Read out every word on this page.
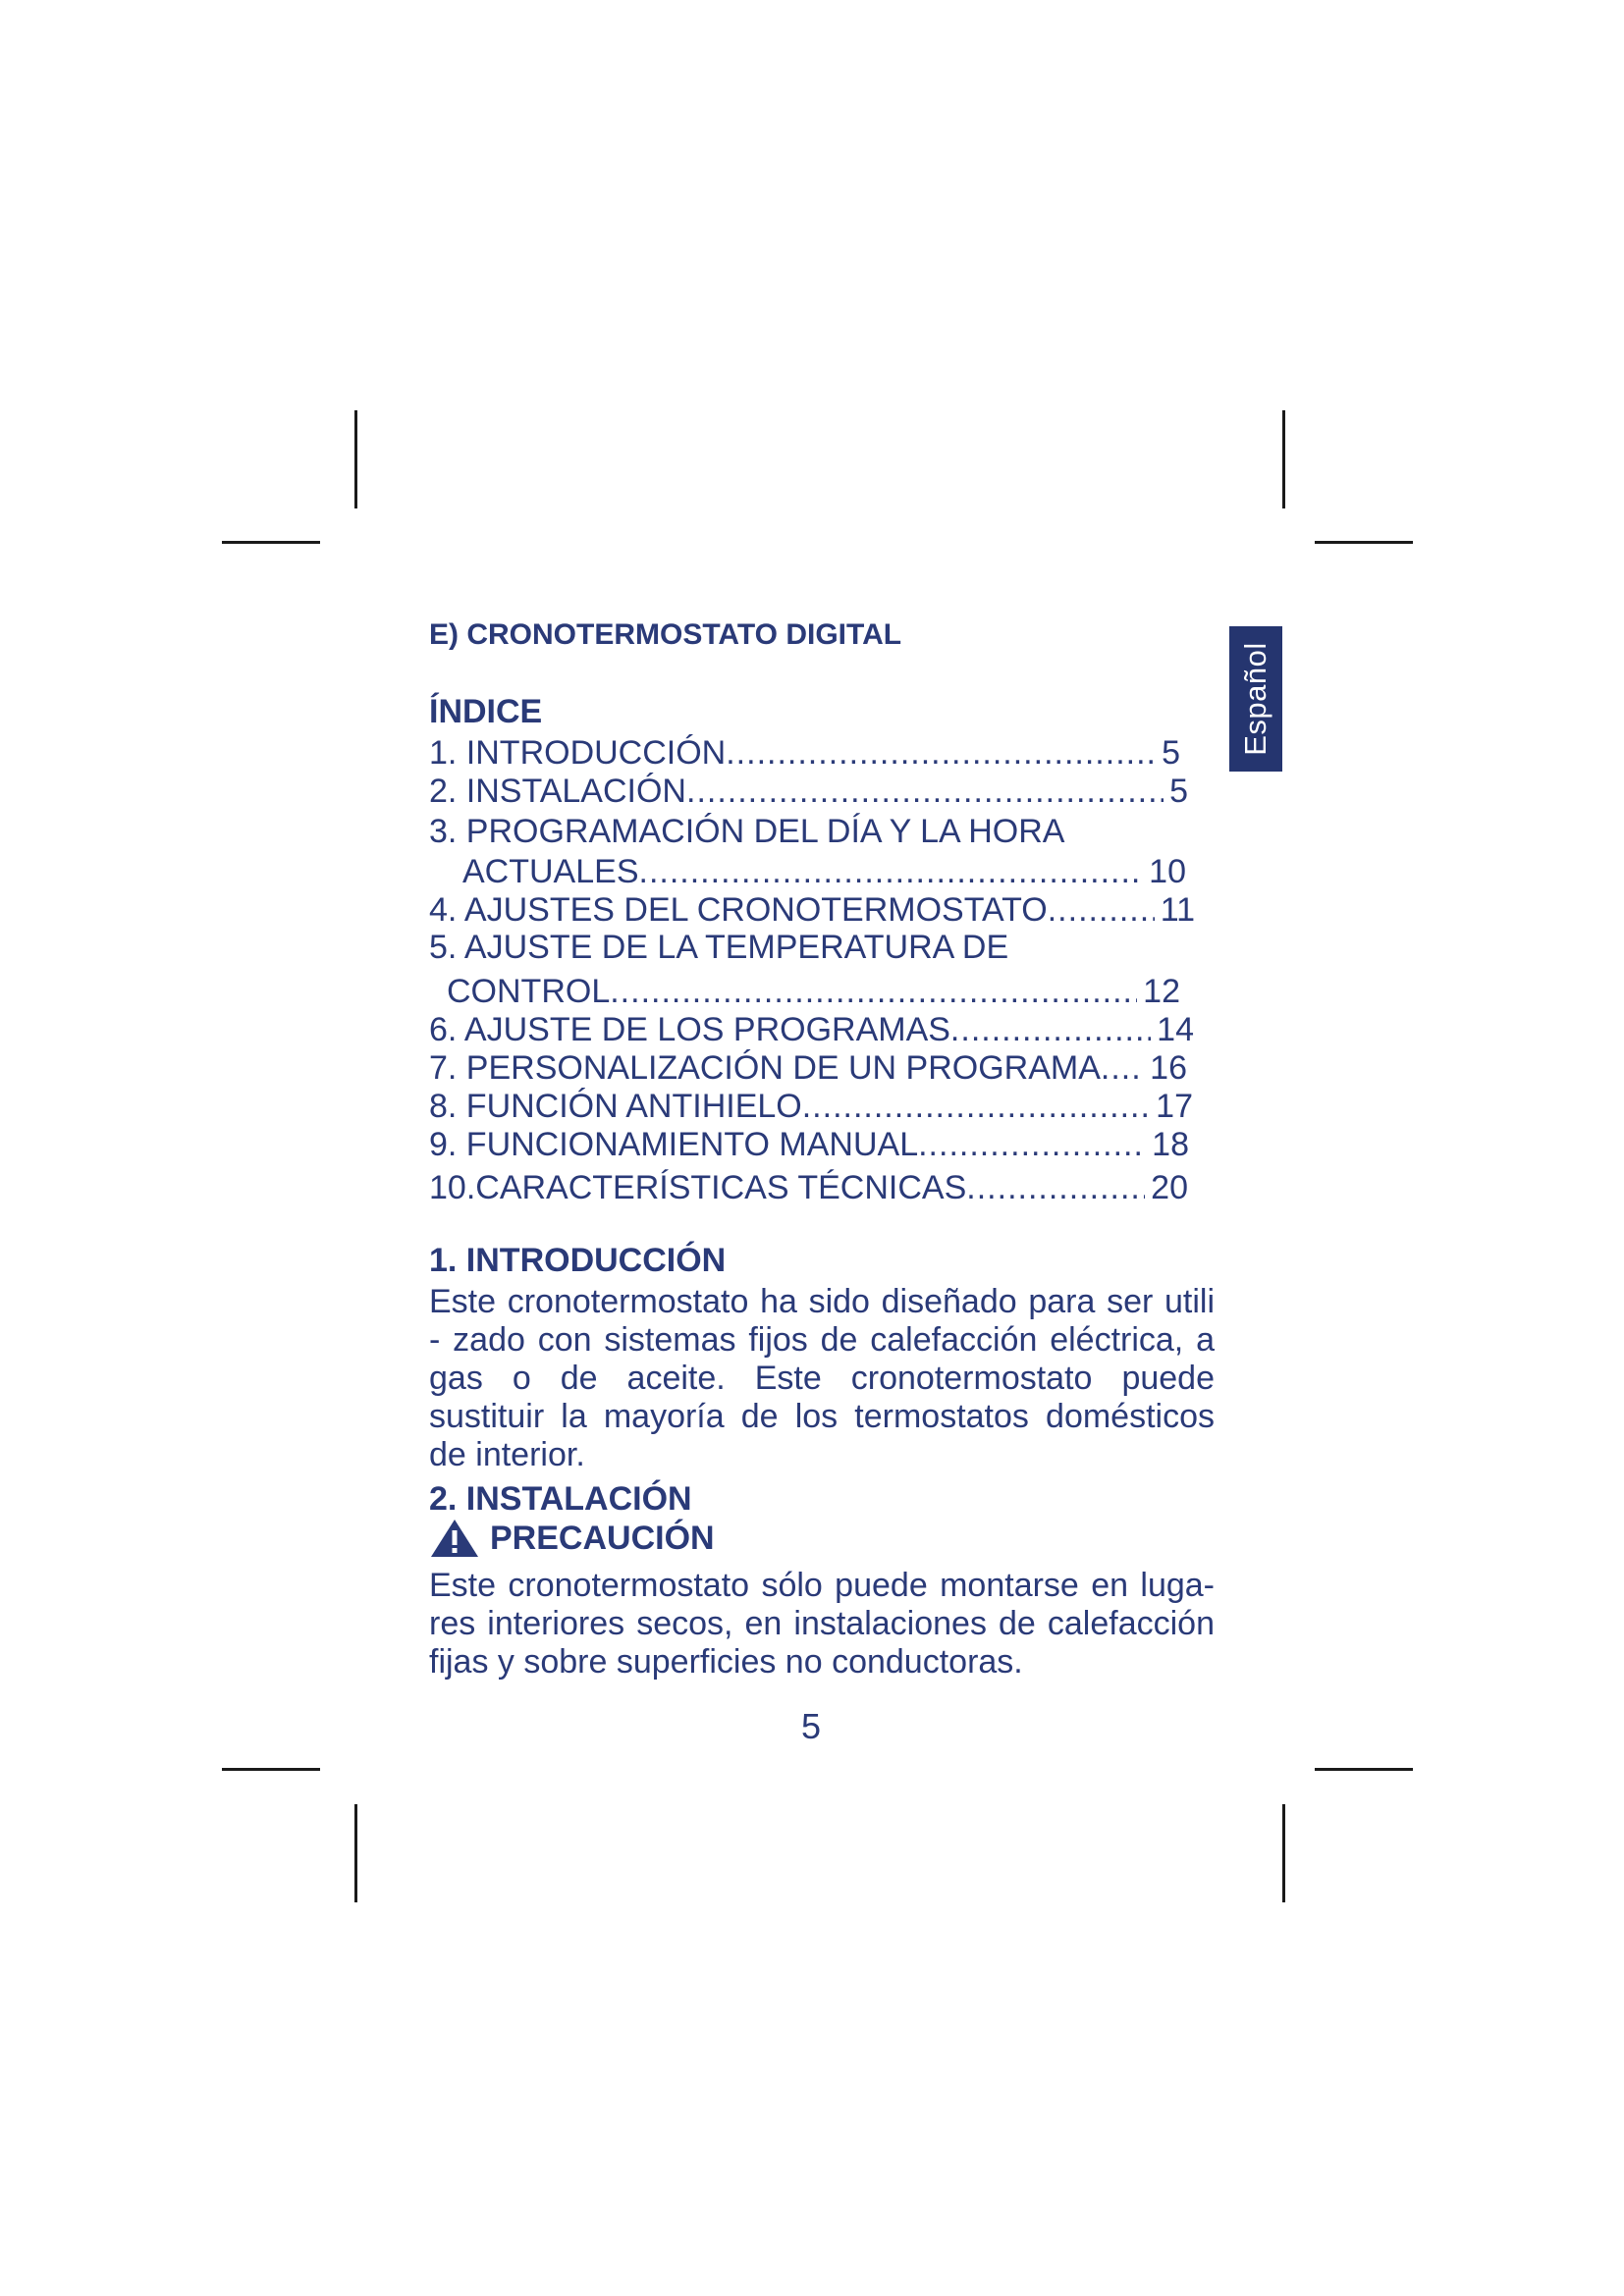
Español
E) CRONOTERMOSTATO DIGITAL
ÍNDICE
1. INTRODUCCIÓN .....	5
2. INSTALACIÓN .....	5
3. PROGRAMACIÓN DEL DÍA Y LA HORA
ACTUALES .....	10
4. AJUSTES DEL CRONOTERMOSTATO .....	11
5. AJUSTE DE LA TEMPERATURA DE
CONTROL .....	12
6. AJUSTE DE LOS PROGRAMAS .....	14
7. PERSONALIZACIÓN DE UN PROGRAMA ..... 16
8. FUNCIÓN ANTIHIELO .....	17
9. FUNCIONAMIENTO MANUAL .....	18
10.CARACTERÍSTICAS TÉCNICAS .....	20
1. INTRODUCCIÓN
Este cronotermostato ha sido diseñado para ser utili - zado con sistemas fijos de calefacción eléctrica, a gas o de aceite. Este cronotermostato puede sustituir la mayoría de los termostatos domésticos de interior.
2. INSTALACIÓN
PRECAUCIÓN
Este cronotermostato sólo puede montarse en luga- res interiores secos, en instalaciones de calefacción fijas y sobre superficies no conductoras.
5
